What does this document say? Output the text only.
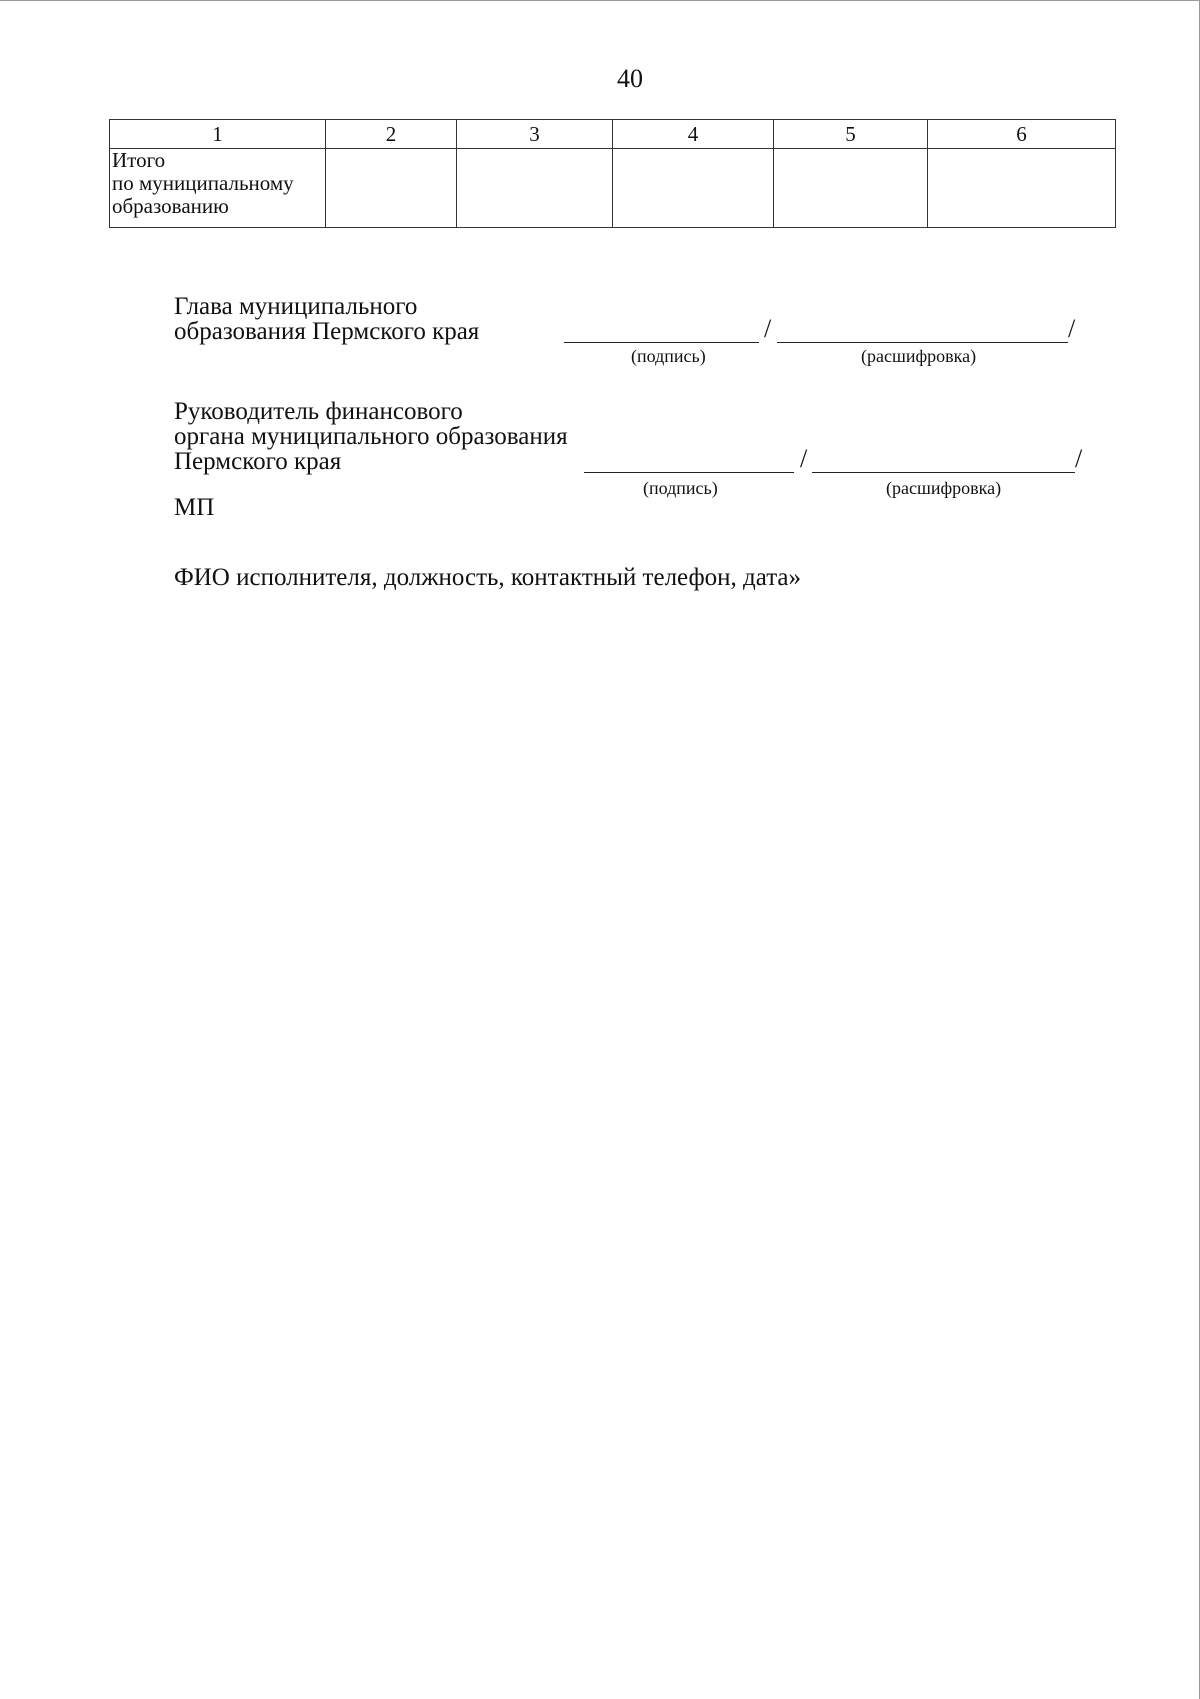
40
1	2	3	4	5	6

Итого
по муниципальному
образованию					

Глава муниципального
образования Пермского края	/	/
(подпись)	(расшифровка)
Руководитель финансового
органа муниципального образования
Пермского края	/	/
(подпись)	(расшифровка)
МП
ФИО исполнителя, должность, контактный телефон, дата»
